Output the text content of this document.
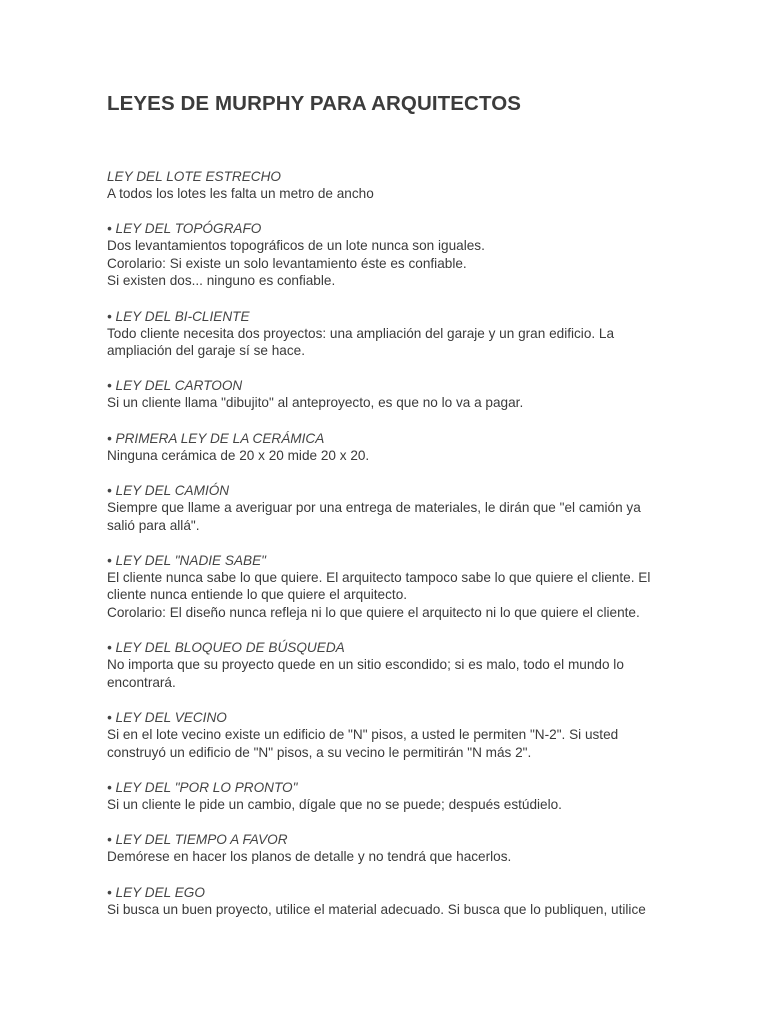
LEYES DE MURPHY PARA ARQUITECTOS
LEY DEL LOTE ESTRECHO
A todos los lotes les falta un metro de ancho
• LEY DEL TOPÓGRAFO
Dos levantamientos topográficos de un lote nunca son iguales.
Corolario: Si existe un solo levantamiento éste es confiable.
Si existen dos... ninguno es confiable.
• LEY DEL BI-CLIENTE
Todo cliente necesita dos proyectos: una ampliación del garaje y un gran edificio. La
ampliación del garaje sí se hace.
• LEY DEL CARTOON
Si un cliente llama "dibujito" al anteproyecto, es que no lo va a pagar.
• PRIMERA LEY DE LA CERÁMICA
Ninguna cerámica de 20 x 20 mide 20 x 20.
• LEY DEL CAMIÓN
Siempre que llame a averiguar por una entrega de materiales, le dirán que "el camión ya
salió para allá".
• LEY DEL "NADIE SABE"
El cliente nunca sabe lo que quiere. El arquitecto tampoco sabe lo que quiere el cliente. El
cliente nunca entiende lo que quiere el arquitecto.
Corolario: El diseño nunca refleja ni lo que quiere el arquitecto ni lo que quiere el cliente.
• LEY DEL BLOQUEO DE BÚSQUEDA
No importa que su proyecto quede en un sitio escondido; si es malo, todo el mundo lo
encontrará.
• LEY DEL VECINO
Si en el lote vecino existe un edificio de "N" pisos, a usted le permiten "N-2". Si usted
construyó un edificio de "N" pisos, a su vecino le permitirán "N más 2".
• LEY DEL "POR LO PRONTO"
Si un cliente le pide un cambio, dígale que no se puede; después estúdielo.
• LEY DEL TIEMPO A FAVOR
Demórese en hacer los planos de detalle y no tendrá que hacerlos.
• LEY DEL EGO
Si busca un buen proyecto, utilice el material adecuado. Si busca que lo publiquen, utilice
